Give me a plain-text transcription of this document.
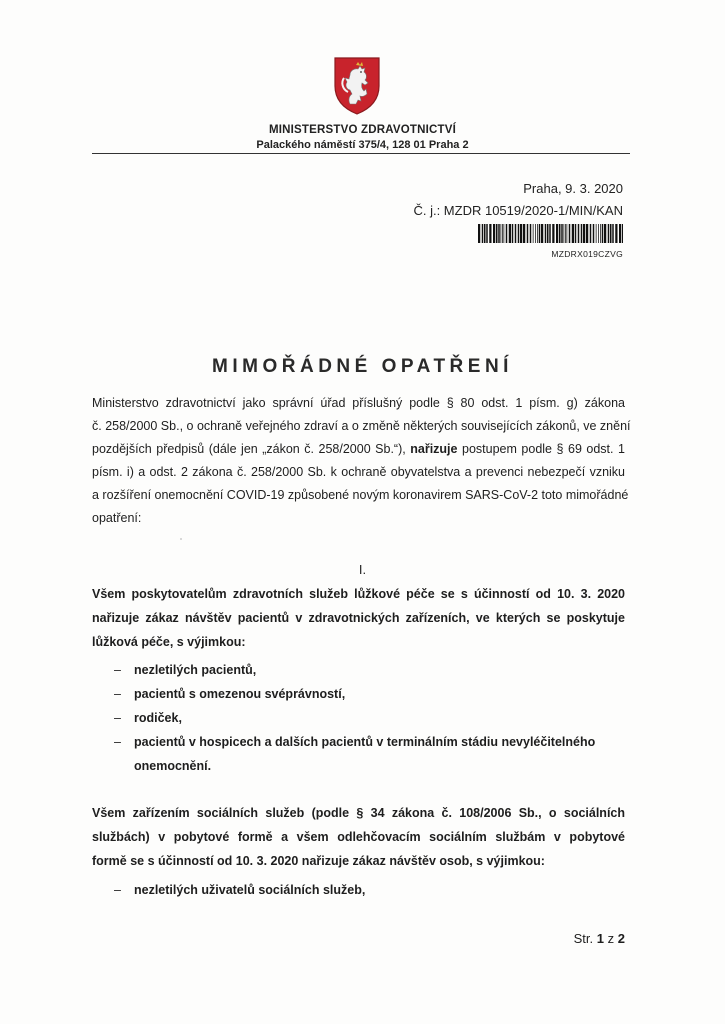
MINISTERSTVO ZDRAVOTNICTVÍ
Palackého náměstí 375/4, 128 01 Praha 2
Praha, 9. 3. 2020
Č. j.: MZDR 10519/2020-1/MIN/KAN
MZDRX019CZVG
MIMOŘÁDNÉ OPATŘENÍ
Ministerstvo zdravotnictví jako správní úřad příslušný podle § 80 odst. 1 písm. g) zákona
č. 258/2000 Sb., o ochraně veřejného zdraví a o změně některých souvisejících zákonů, ve znění
pozdějších předpisů (dále jen „zákon č. 258/2000 Sb.“), nařizuje postupem podle § 69 odst. 1
písm. i) a odst. 2 zákona č. 258/2000 Sb. k ochraně obyvatelstva a prevenci nebezpečí vzniku
a rozšíření onemocnění COVID-19 způsobené novým koronavirem SARS-CoV-2 toto mimořádné
opatření:
I.
Všem poskytovatelům zdravotních služeb lůžkové péče se s účinností od 10. 3. 2020
nařizuje zákaz návštěv pacientů v zdravotnických zařízeních, ve kterých se poskytuje
lůžková péče, s výjimkou:
– nezletilých pacientů,
– pacientů s omezenou svéprávností,
– rodiček,
– pacientů v hospicech a dalších pacientů v terminálním stádiu nevyléčitelného
onemocnění.
Všem zařízením sociálních služeb (podle § 34 zákona č. 108/2006 Sb., o sociálních
službách) v pobytové formě a všem odlehčovacím sociálním službám v pobytové
formě se s účinností od 10. 3. 2020 nařizuje zákaz návštěv osob, s výjimkou:
– nezletilých uživatelů sociálních služeb,
Str. 1 z 2
